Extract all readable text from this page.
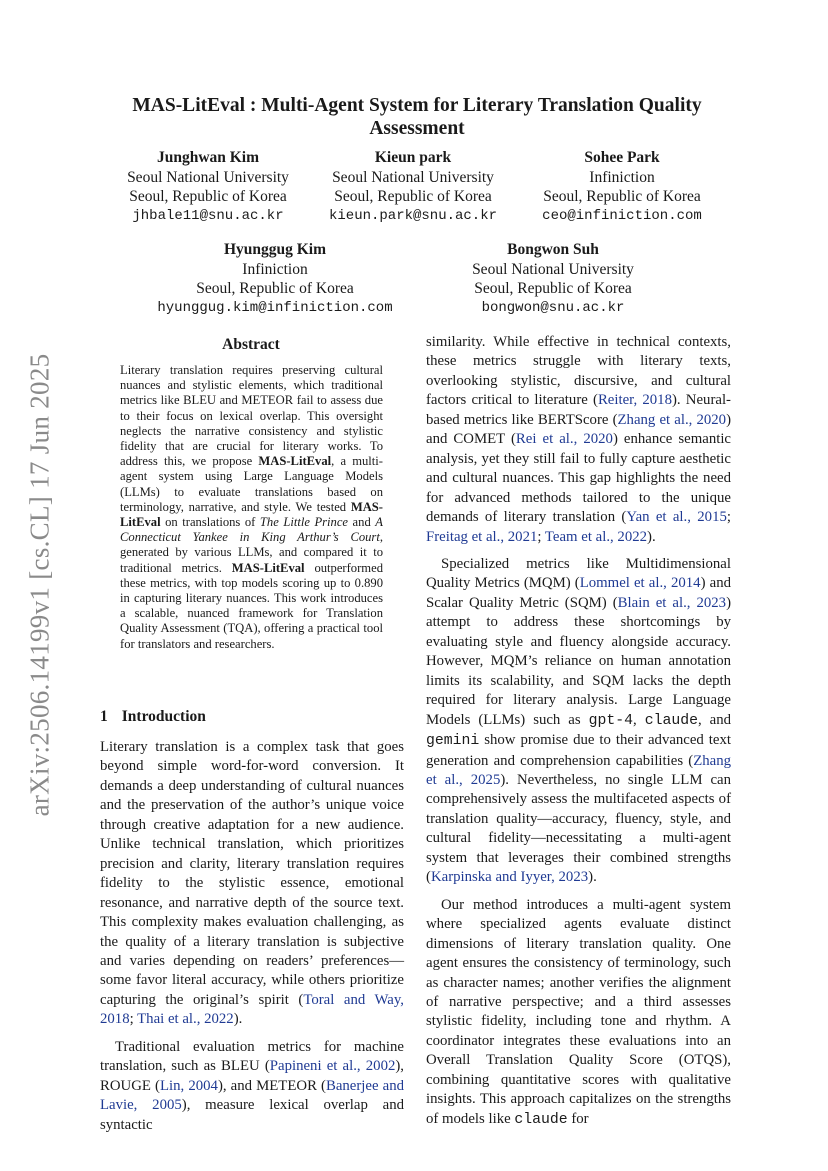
arXiv:2506.14199v1 [cs.CL] 17 Jun 2025
MAS-LitEval : Multi-Agent System for Literary Translation Quality Assessment
Junghwan Kim
Seoul National University
Seoul, Republic of Korea
jhbale11@snu.ac.kr
Kieun park
Seoul National University
Seoul, Republic of Korea
kieun.park@snu.ac.kr
Sohee Park
Infiniction
Seoul, Republic of Korea
ceo@infiniction.com
Hyunggug Kim
Infiniction
Seoul, Republic of Korea
hyunggug.kim@infiniction.com
Bongwon Suh
Seoul National University
Seoul, Republic of Korea
bongwon@snu.ac.kr
Abstract

Literary translation requires preserving cultural nuances and stylistic elements, which traditional metrics like BLEU and METEOR fail to assess due to their focus on lexical overlap. This oversight neglects the narrative consistency and stylistic fidelity that are crucial for literary works. To address this, we propose MAS-LitEval, a multi-agent system using Large Language Models (LLMs) to evaluate translations based on terminology, narrative, and style. We tested MAS-LitEval on translations of The Little Prince and A Connecticut Yankee in King Arthur’s Court, generated by various LLMs, and compared it to traditional metrics. MAS-LitEval outperformed these metrics, with top models scoring up to 0.890 in capturing literary nuances. This work introduces a scalable, nuanced framework for Translation Quality Assessment (TQA), offering a practical tool for translators and researchers.

1 Introduction

Literary translation is a complex task that goes beyond simple word-for-word conversion. It demands a deep understanding of cultural nuances and the preservation of the author’s unique voice through creative adaptation for a new audience. Unlike technical translation, which prioritizes precision and clarity, literary translation requires fidelity to the stylistic essence, emotional resonance, and narrative depth of the source text. This complexity makes evaluation challenging, as the quality of a literary translation is subjective and varies depending on readers’ preferences—some favor literal accuracy, while others prioritize capturing the original’s spirit (Toral and Way, 2018; Thai et al., 2022).

Traditional evaluation metrics for machine translation, such as BLEU (Papineni et al., 2002), ROUGE (Lin, 2004), and METEOR (Banerjee and Lavie, 2005), measure lexical overlap and syntactic

similarity. While effective in technical contexts, these metrics struggle with literary texts, overlooking stylistic, discursive, and cultural factors critical to literature (Reiter, 2018). Neural-based metrics like BERTScore (Zhang et al., 2020) and COMET (Rei et al., 2020) enhance semantic analysis, yet they still fail to fully capture aesthetic and cultural nuances. This gap highlights the need for advanced methods tailored to the unique demands of literary translation (Yan et al., 2015; Freitag et al., 2021; Team et al., 2022).

Specialized metrics like Multidimensional Quality Metrics (MQM) (Lommel et al., 2014) and Scalar Quality Metric (SQM) (Blain et al., 2023) attempt to address these shortcomings by evaluating style and fluency alongside accuracy. However, MQM’s reliance on human annotation limits its scalability, and SQM lacks the depth required for literary analysis. Large Language Models (LLMs) such as gpt-4, claude, and gemini show promise due to their advanced text generation and comprehension capabilities (Zhang et al., 2025). Nevertheless, no single LLM can comprehensively assess the multifaceted aspects of translation quality—accuracy, fluency, style, and cultural fidelity—necessitating a multi-agent system that leverages their combined strengths (Karpinska and Iyyer, 2023).

Our method introduces a multi-agent system where specialized agents evaluate distinct dimensions of literary translation quality. One agent ensures the consistency of terminology, such as character names; another verifies the alignment of narrative perspective; and a third assesses stylistic fidelity, including tone and rhythm. A coordinator integrates these evaluations into an Overall Translation Quality Score (OTQS), combining quantitative scores with qualitative insights. This approach capitalizes on the strengths of models like claude for
